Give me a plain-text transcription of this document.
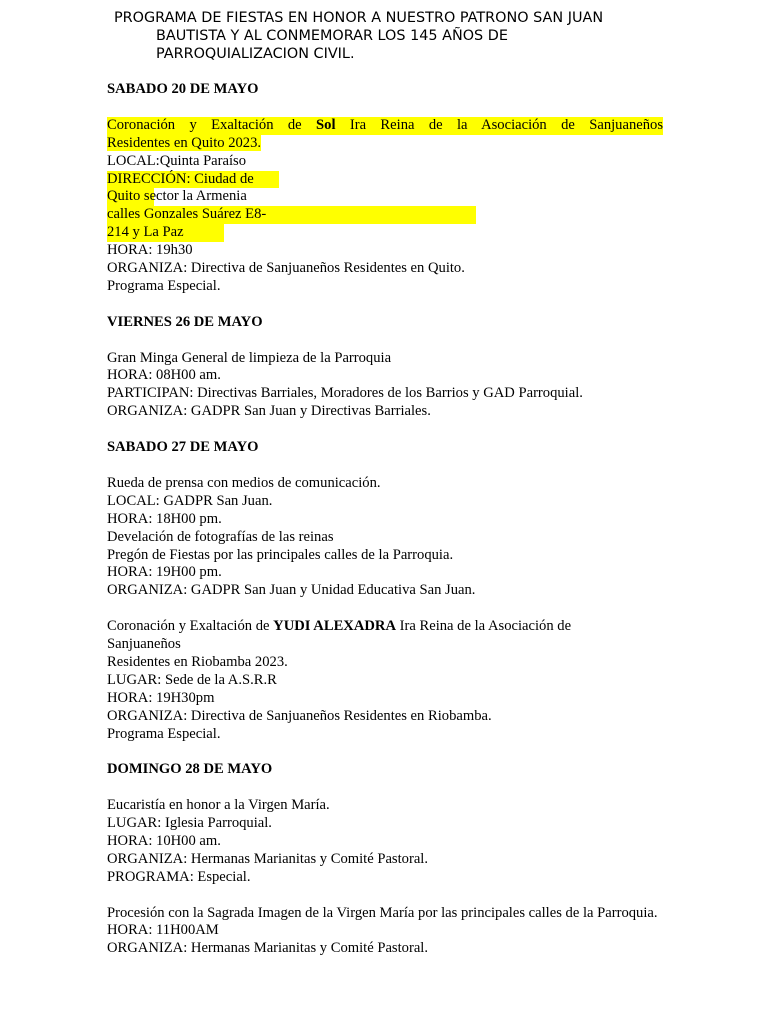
PROGRAMA DE FIESTAS EN HONOR A NUESTRO PATRONO SAN JUAN
BAUTISTA Y AL CONMEMORAR LOS 145 AÑOS DE
PARROQUIALIZACION CIVIL.
SABADO 20 DE MAYO
Coronación y Exaltación de Sol Ira Reina de la Asociación de Sanjuaneños
Residentes en Quito 2023.
LOCAL:Quinta Paraíso
DIRECCIÓN: Ciudad de
Quito sector la Armenia
calles Gonzales Suárez E8-
214 y La Paz
HORA: 19h30
ORGANIZA: Directiva de Sanjuaneños Residentes en Quito.
Programa Especial.
VIERNES 26 DE MAYO
Gran Minga General de limpieza de la Parroquia
HORA: 08H00 am.
PARTICIPAN: Directivas Barriales, Moradores de los Barrios y GAD Parroquial.
ORGANIZA: GADPR San Juan y Directivas Barriales.
SABADO 27 DE MAYO
Rueda de prensa con medios de comunicación.
LOCAL: GADPR San Juan.
HORA: 18H00 pm.
Develación de fotografías de las reinas
Pregón de Fiestas por las principales calles de la Parroquia.
HORA: 19H00 pm.
ORGANIZA: GADPR San Juan y Unidad Educativa San Juan.
Coronación y Exaltación de YUDI ALEXADRA Ira Reina de la Asociación de
Sanjuaneños
Residentes en Riobamba 2023.
LUGAR: Sede de la A.S.R.R
HORA: 19H30pm
ORGANIZA: Directiva de Sanjuaneños Residentes en Riobamba.
Programa Especial.
DOMINGO 28 DE MAYO
Eucaristía en honor a la Virgen María.
LUGAR: Iglesia Parroquial.
HORA: 10H00 am.
ORGANIZA: Hermanas Marianitas y Comité Pastoral.
PROGRAMA: Especial.
Procesión con la Sagrada Imagen de la Virgen María por las principales calles de la Parroquia.
HORA: 11H00AM
ORGANIZA: Hermanas Marianitas y Comité Pastoral.
